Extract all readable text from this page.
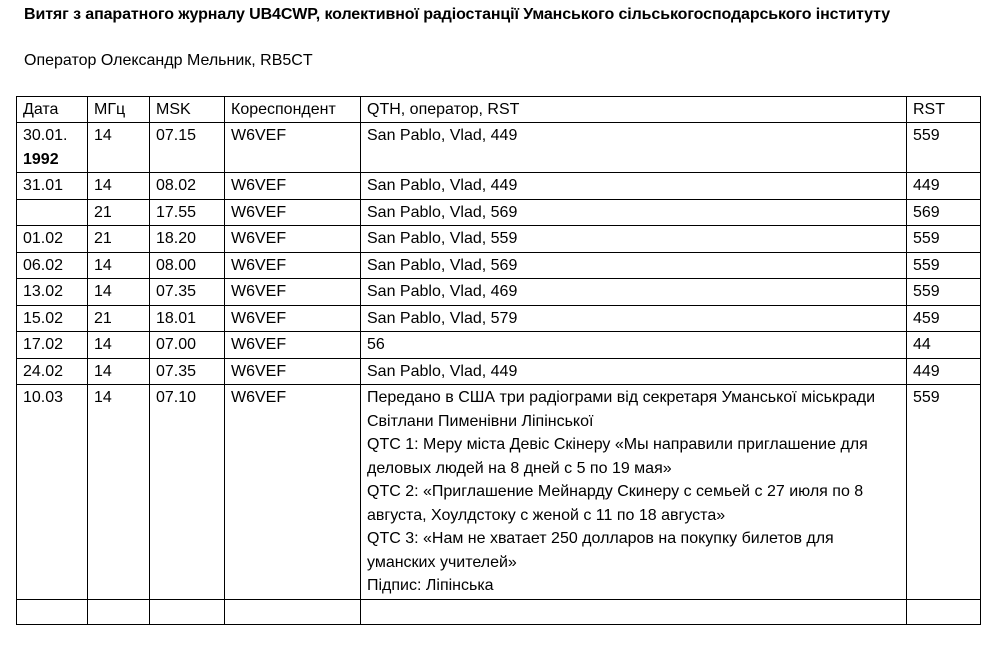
Витяг з апаратного журналу UB4CWP, колективної радіостанції Уманського сільськогосподарського інституту
Оператор Олександр Мельник, RB5CT
Дата	МГц	MSK	Кореспондент	QTH, оператор, RST	RST
30.01.
1992	14	07.15	W6VEF	San Pablo, Vlad, 449	559
31.01	14	08.02	W6VEF	San Pablo, Vlad, 449	449
	21	17.55	W6VEF	San Pablo, Vlad, 569	569
01.02	21	18.20	W6VEF	San Pablo, Vlad, 559	559
06.02	14	08.00	W6VEF	San Pablo, Vlad, 569	559
13.02	14	07.35	W6VEF	San Pablo, Vlad, 469	559
15.02	21	18.01	W6VEF	San Pablo, Vlad, 579	459
17.02	14	07.00	W6VEF	56	44
24.02	14	07.35	W6VEF	San Pablo, Vlad, 449	449
10.03	14	07.10	W6VEF	Передано в США три радіограми від секретаря Уманської міськради Світлани Пименівни Ліпінської
QTC 1: Меру міста Девіс Скінеру «Мы направили приглашение для деловых людей на 8 дней с 5 по 19 мая»
QTC 2: «Приглашение Мейнарду Скинеру с семьей с 27 июля по 8 августа, Хоулдстоку с женой с 11 по 18 августа»
QTC 3: «Нам не хватает 250 долларов на покупку билетов для уманских учителей»
Підпис: Ліпінська	559
